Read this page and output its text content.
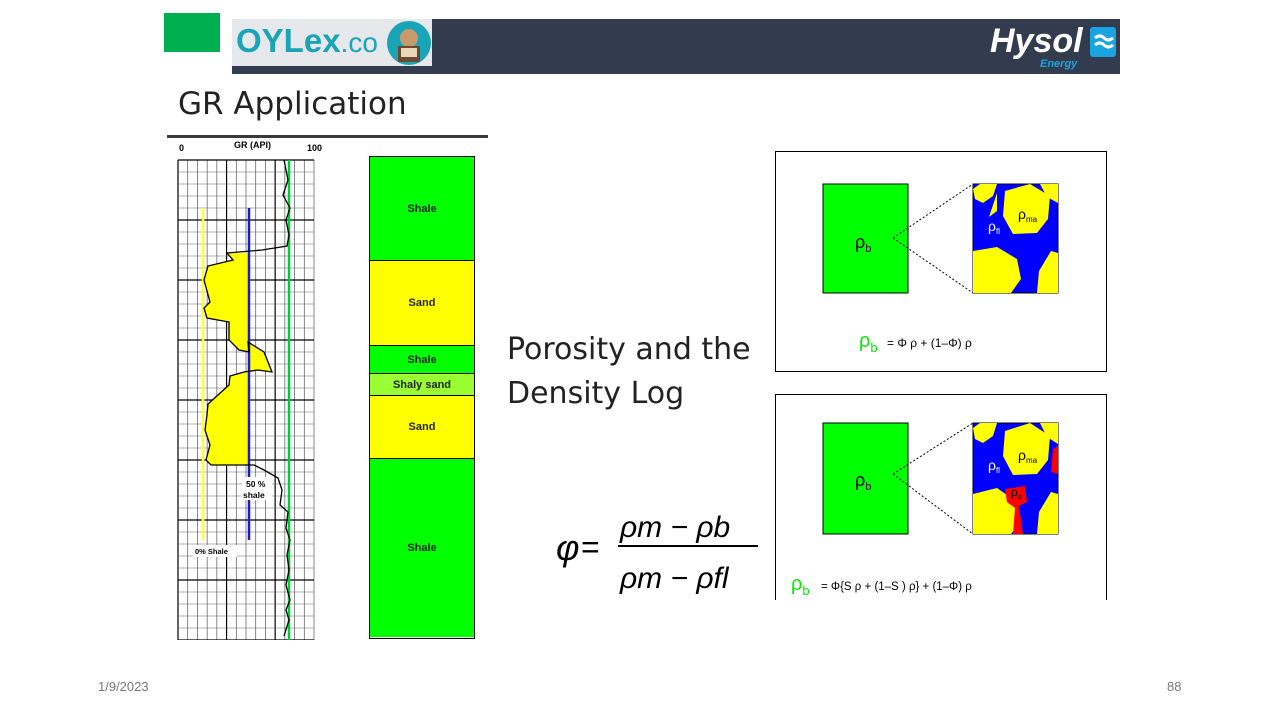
OYLex.co	Hysol
Energy
GR Application
0	GR (API)	100
50 %
shale
0% Shale
Shale
Sand
Shale
Shaly sand
Sand
Shale
Porosity and the
Density Log
φ =
ρm − ρb
ρm − ρfl
$\rho_b$
$\rho_{fl}$
$\rho_{ma}$
$\rho_b = \Phi$ ρ + (1–Φ) ρ
$\rho_b$
$\rho_{fl}$
$\rho_{ma}$
$\rho_o$
$\rho_b = \Phi\{S$ ρ + (1–S ) ρ} + (1–Φ) ρ
1/9/2023	88
